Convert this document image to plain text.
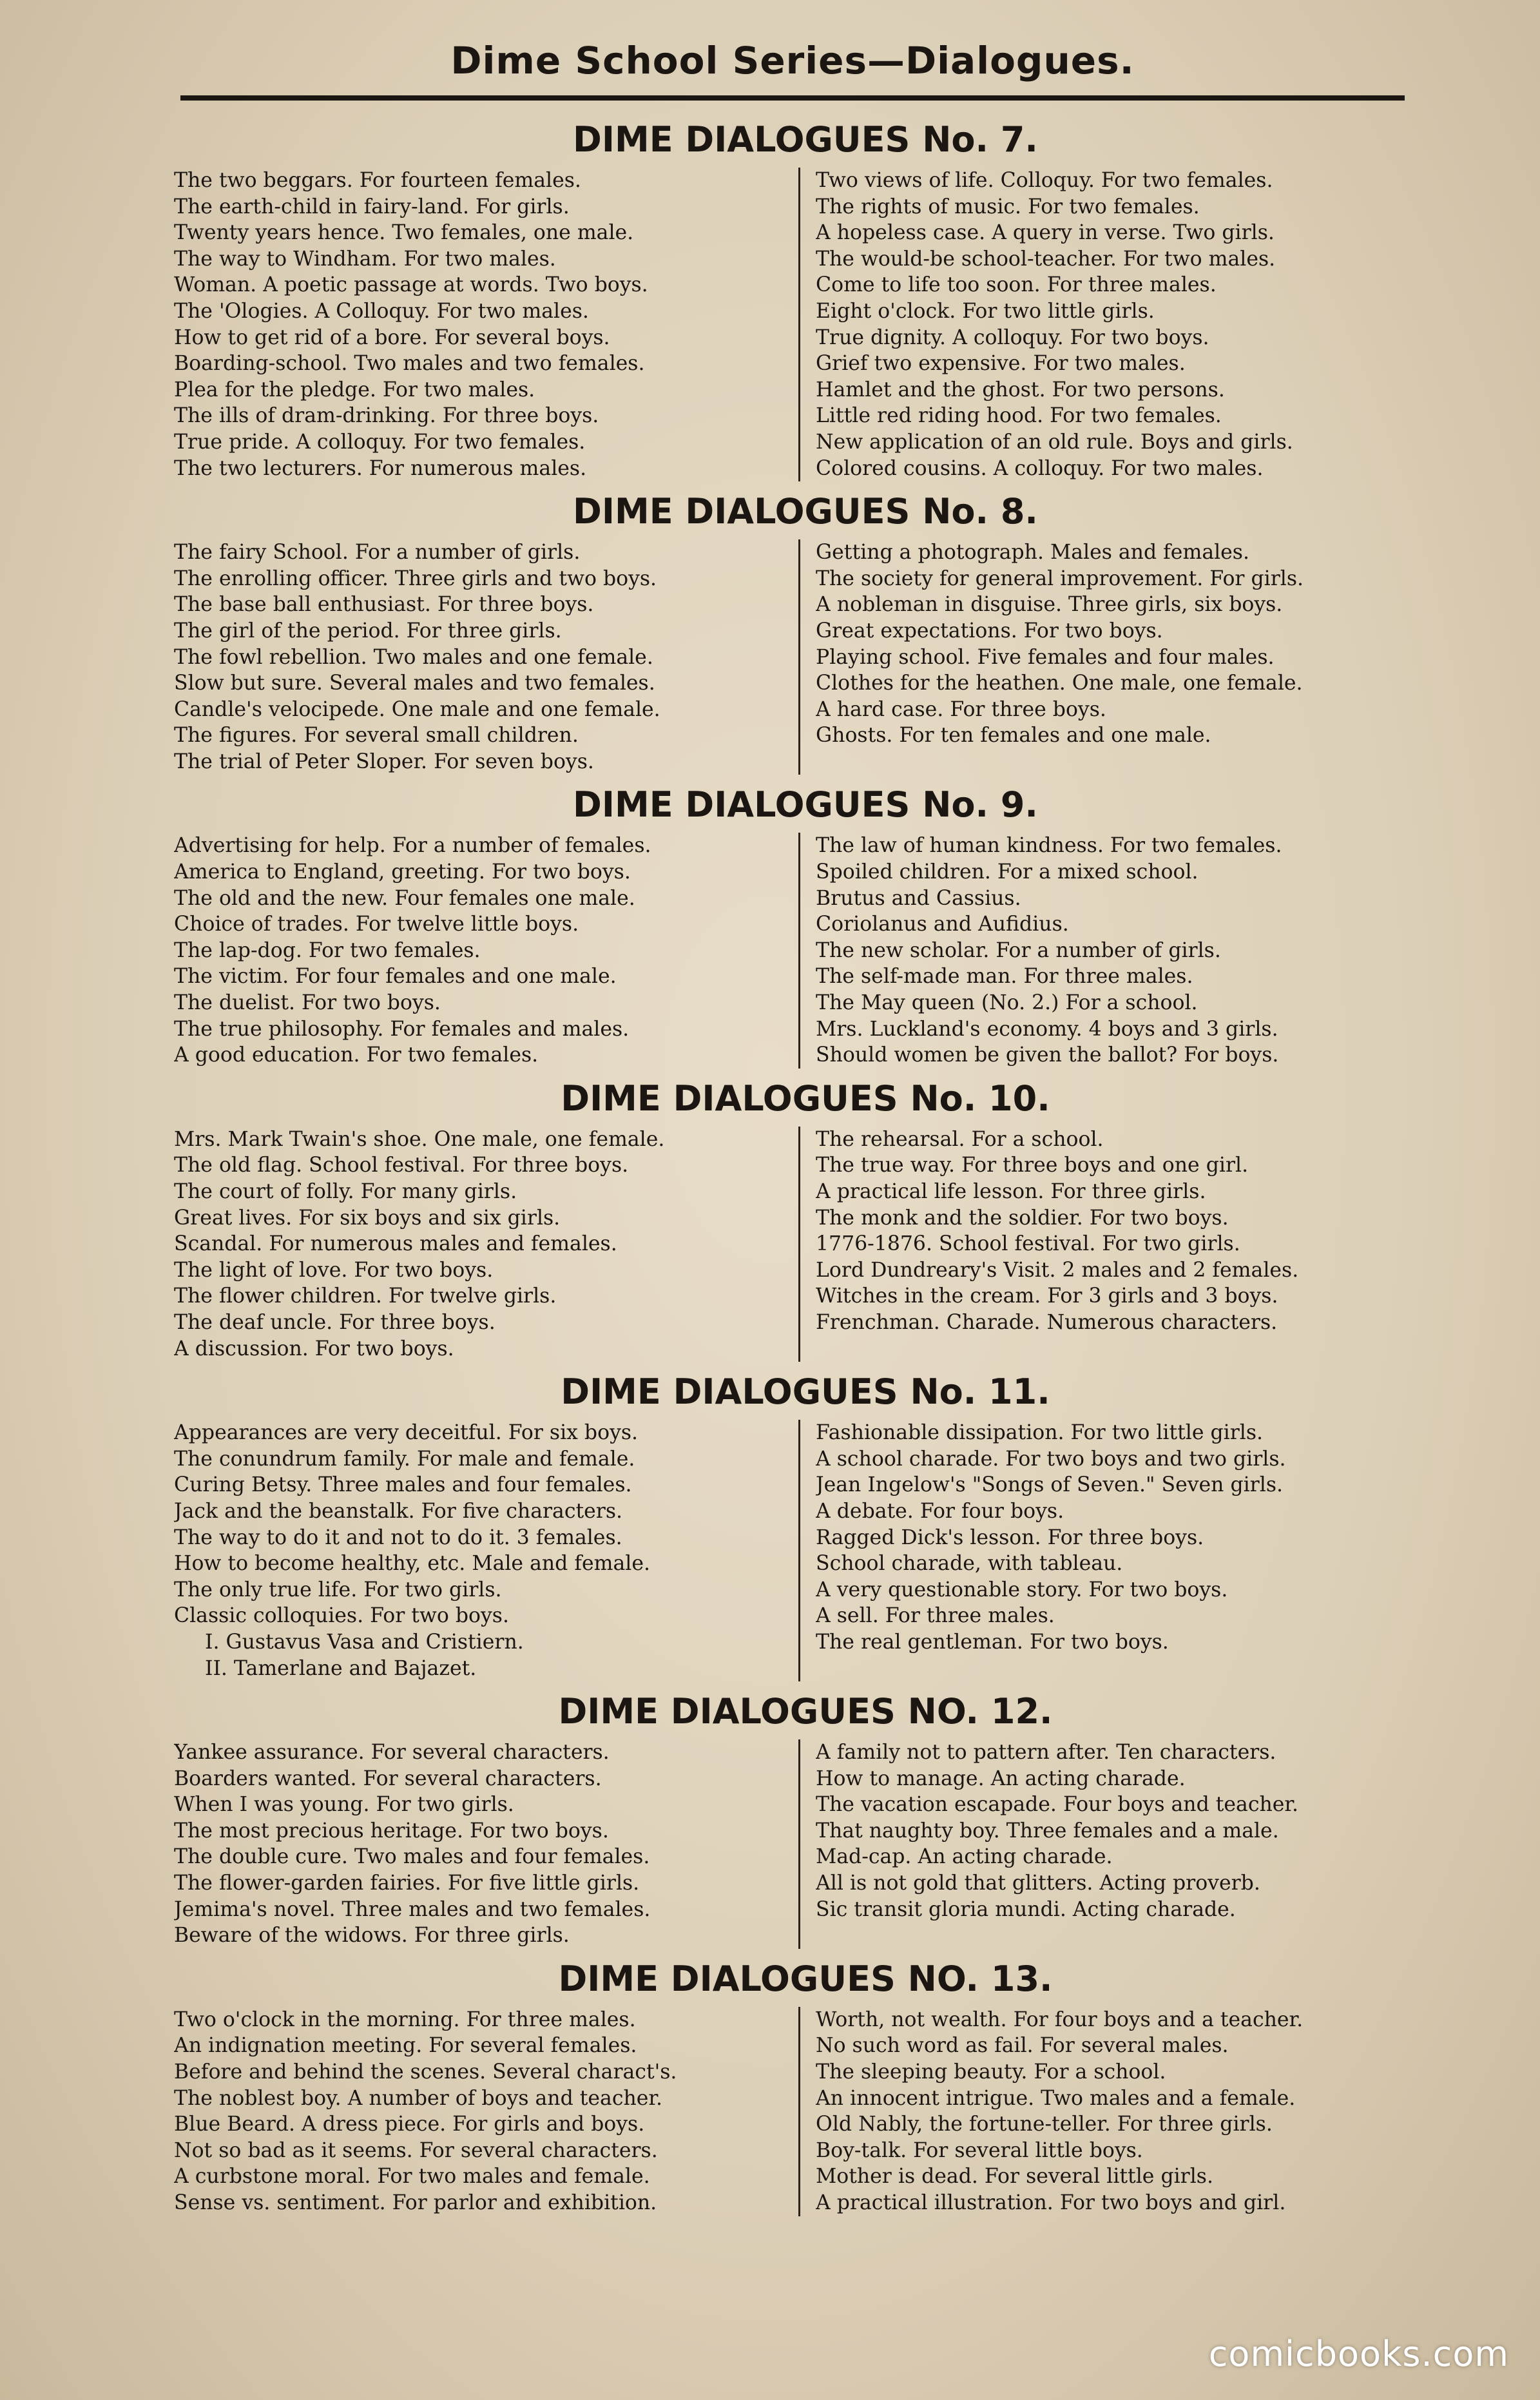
Dime School Series—Dialogues.
DIME DIALOGUES No. 7.
The two beggars. For fourteen females.
The earth-child in fairy-land. For girls.
Twenty years hence. Two females, one male.
The way to Windham. For two males.
Woman. A poetic passage at words. Two boys.
The 'Ologies. A Colloquy. For two males.
How to get rid of a bore. For several boys.
Boarding-school. Two males and two females.
Plea for the pledge. For two males.
The ills of dram-drinking. For three boys.
True pride. A colloquy. For two females.
The two lecturers. For numerous males.
Two views of life. Colloquy. For two females.
The rights of music. For two females.
A hopeless case. A query in verse. Two girls.
The would-be school-teacher. For two males.
Come to life too soon. For three males.
Eight o'clock. For two little girls.
True dignity. A colloquy. For two boys.
Grief two expensive. For two males.
Hamlet and the ghost. For two persons.
Little red riding hood. For two females.
New application of an old rule. Boys and girls.
Colored cousins. A colloquy. For two males.
DIME DIALOGUES No. 8.
The fairy School. For a number of girls.
The enrolling officer. Three girls and two boys.
The base ball enthusiast. For three boys.
The girl of the period. For three girls.
The fowl rebellion. Two males and one female.
Slow but sure. Several males and two females.
Candle's velocipede. One male and one female.
The figures. For several small children.
The trial of Peter Sloper. For seven boys.
Getting a photograph. Males and females.
The society for general improvement. For girls.
A nobleman in disguise. Three girls, six boys.
Great expectations. For two boys.
Playing school. Five females and four males.
Clothes for the heathen. One male, one female.
A hard case. For three boys.
Ghosts. For ten females and one male.
DIME DIALOGUES No. 9.
Advertising for help. For a number of females.
America to England, greeting. For two boys.
The old and the new. Four females one male.
Choice of trades. For twelve little boys.
The lap-dog. For two females.
The victim. For four females and one male.
The duelist. For two boys.
The true philosophy. For females and males.
A good education. For two females.
The law of human kindness. For two females.
Spoiled children. For a mixed school.
Brutus and Cassius.
Coriolanus and Aufidius.
The new scholar. For a number of girls.
The self-made man. For three males.
The May queen (No. 2.) For a school.
Mrs. Luckland's economy. 4 boys and 3 girls.
Should women be given the ballot? For boys.
DIME DIALOGUES No. 10.
Mrs. Mark Twain's shoe. One male, one female.
The old flag. School festival. For three boys.
The court of folly. For many girls.
Great lives. For six boys and six girls.
Scandal. For numerous males and females.
The light of love. For two boys.
The flower children. For twelve girls.
The deaf uncle. For three boys.
A discussion. For two boys.
The rehearsal. For a school.
The true way. For three boys and one girl.
A practical life lesson. For three girls.
The monk and the soldier. For two boys.
1776-1876. School festival. For two girls.
Lord Dundreary's Visit. 2 males and 2 females.
Witches in the cream. For 3 girls and 3 boys.
Frenchman. Charade. Numerous characters.
DIME DIALOGUES No. 11.
Appearances are very deceitful. For six boys.
The conundrum family. For male and female.
Curing Betsy. Three males and four females.
Jack and the beanstalk. For five characters.
The way to do it and not to do it. 3 females.
How to become healthy, etc. Male and female.
The only true life. For two girls.
Classic colloquies. For two boys.
I. Gustavus Vasa and Cristiern.
II. Tamerlane and Bajazet.
Fashionable dissipation. For two little girls.
A school charade. For two boys and two girls.
Jean Ingelow's "Songs of Seven." Seven girls.
A debate. For four boys.
Ragged Dick's lesson. For three boys.
School charade, with tableau.
A very questionable story. For two boys.
A sell. For three males.
The real gentleman. For two boys.
DIME DIALOGUES NO. 12.
Yankee assurance. For several characters.
Boarders wanted. For several characters.
When I was young. For two girls.
The most precious heritage. For two boys.
The double cure. Two males and four females.
The flower-garden fairies. For five little girls.
Jemima's novel. Three males and two females.
Beware of the widows. For three girls.
A family not to pattern after. Ten characters.
How to manage. An acting charade.
The vacation escapade. Four boys and teacher.
That naughty boy. Three females and a male.
Mad-cap. An acting charade.
All is not gold that glitters. Acting proverb.
Sic transit gloria mundi. Acting charade.
DIME DIALOGUES NO. 13.
Two o'clock in the morning. For three males.
An indignation meeting. For several females.
Before and behind the scenes. Several charact's.
The noblest boy. A number of boys and teacher.
Blue Beard. A dress piece. For girls and boys.
Not so bad as it seems. For several characters.
A curbstone moral. For two males and female.
Sense vs. sentiment. For parlor and exhibition.
Worth, not wealth. For four boys and a teacher.
No such word as fail. For several males.
The sleeping beauty. For a school.
An innocent intrigue. Two males and a female.
Old Nably, the fortune-teller. For three girls.
Boy-talk. For several little boys.
Mother is dead. For several little girls.
A practical illustration. For two boys and girl.
comicbooks.com
